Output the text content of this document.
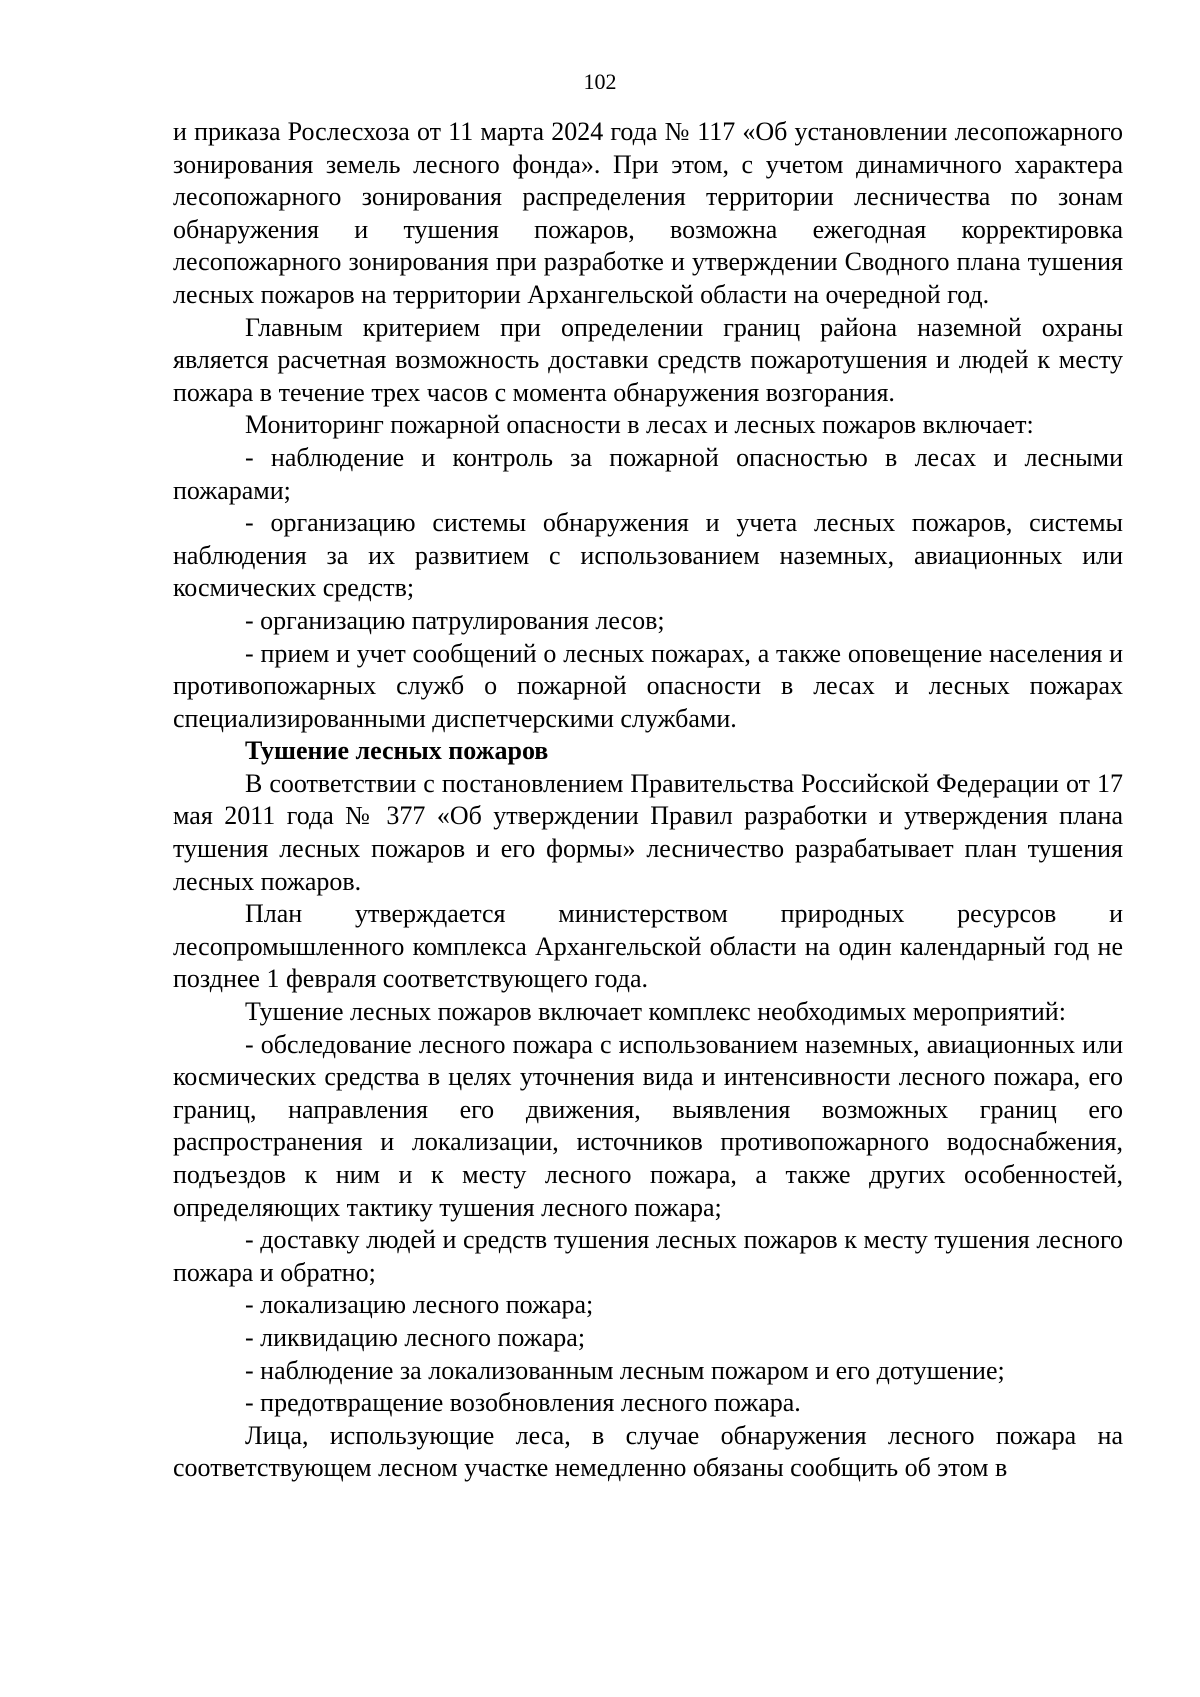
102

и приказа Рослесхоза от 11 марта 2024 года № 117 «Об установлении лесопожарного зонирования земель лесного фонда». При этом, с учетом динамичного характера лесопожарного зонирования распределения территории лесничества по зонам обнаружения и тушения пожаров, возможна ежегодная корректировка лесопожарного зонирования при разработке и утверждении Сводного плана тушения лесных пожаров на территории Архангельской области на очередной год.

Главным критерием при определении границ района наземной охраны является расчетная возможность доставки средств пожаротушения и людей к месту пожара в течение трех часов с момента обнаружения возгорания.

Мониторинг пожарной опасности в лесах и лесных пожаров включает:

- наблюдение и контроль за пожарной опасностью в лесах и лесными пожарами;

- организацию системы обнаружения и учета лесных пожаров, системы наблюдения за их развитием с использованием наземных, авиационных или космических средств;

- организацию патрулирования лесов;

- прием и учет сообщений о лесных пожарах, а также оповещение населения и противопожарных служб о пожарной опасности в лесах и лесных пожарах специализированными диспетчерскими службами.

Тушение лесных пожаров

В соответствии с постановлением Правительства Российской Федерации от 17 мая 2011 года № 377 «Об утверждении Правил разработки и утверждения плана тушения лесных пожаров и его формы» лесничество разрабатывает план тушения лесных пожаров.

План утверждается министерством природных ресурсов и лесопромышленного комплекса Архангельской области на один календарный год не позднее 1 февраля соответствующего года.

Тушение лесных пожаров включает комплекс необходимых мероприятий:

- обследование лесного пожара с использованием наземных, авиационных или космических средства в целях уточнения вида и интенсивности лесного пожара, его границ, направления его движения, выявления возможных границ его распространения и локализации, источников противопожарного водоснабжения, подъездов к ним и к месту лесного пожара, а также других особенностей, определяющих тактику тушения лесного пожара;

- доставку людей и средств тушения лесных пожаров к месту тушения лесного пожара и обратно;

- локализацию лесного пожара;

- ликвидацию лесного пожара;

- наблюдение за локализованным лесным пожаром и его дотушение;

- предотвращение возобновления лесного пожара.

Лица, использующие леса, в случае обнаружения лесного пожара на соответствующем лесном участке немедленно обязаны сообщить об этом в
